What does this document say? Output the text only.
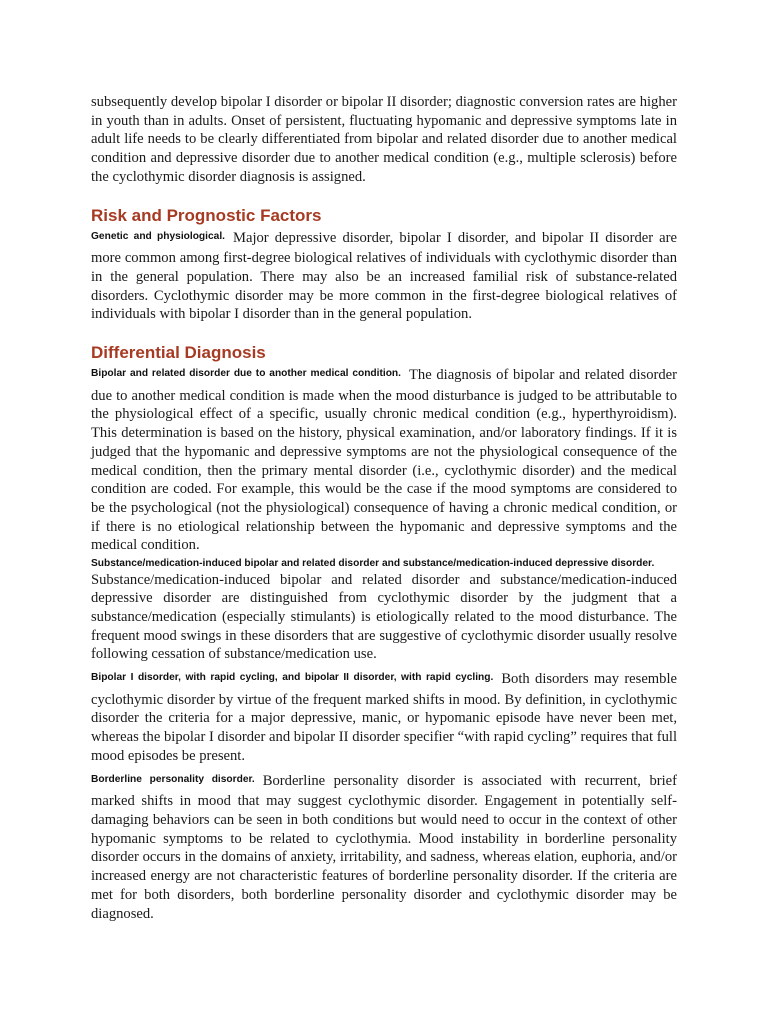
subsequently develop bipolar I disorder or bipolar II disorder; diagnostic conversion rates are higher in youth than in adults. Onset of persistent, fluctuating hypomanic and depressive symptoms late in adult life needs to be clearly differentiated from bipolar and related disorder due to another medical condition and depressive disorder due to another medical condition (e.g., multiple sclerosis) before the cyclothymic disorder diagnosis is assigned.

Risk and Prognostic Factors

$^{Genetic and physiological.}$ Major depressive disorder, bipolar I disorder, and bipolar II disorder are more common among first-degree biological relatives of individuals with cyclothymic disorder than in the general population. There may also be an increased familial risk of substance-related disorders. Cyclothymic disorder may be more common in the first-degree biological relatives of individuals with bipolar I disorder than in the general population.

Differential Diagnosis

$^{Bipolar and related disorder due to another medical condition.}$ The diagnosis of bipolar and related disorder due to another medical condition is made when the mood disturbance is judged to be attributable to the physiological effect of a specific, usually chronic medical condition (e.g., hyperthyroidism). This determination is based on the history, physical examination, and/or laboratory findings. If it is judged that the hypomanic and depressive symptoms are not the physiological consequence of the medical condition, then the primary mental disorder (i.e., cyclothymic disorder) and the medical condition are coded. For example, this would be the case if the mood symptoms are considered to be the psychological (not the physiological) consequence of having a chronic medical condition, or if there is no etiological relationship between the hypomanic and depressive symptoms and the medical condition.

Substance/medication-induced bipolar and related disorder and substance/medication-induced depressive disorder.
Substance/medication-induced bipolar and related disorder and substance/medication-induced depressive disorder are distinguished from cyclothymic disorder by the judgment that a substance/medication (especially stimulants) is etiologically related to the mood disturbance. The frequent mood swings in these disorders that are suggestive of cyclothymic disorder usually resolve following cessation of substance/medication use.

$^{Bipolar I disorder, with rapid cycling, and bipolar II disorder, with rapid cycling.}$ Both disorders may resemble cyclothymic disorder by virtue of the frequent marked shifts in mood. By definition, in cyclothymic disorder the criteria for a major depressive, manic, or hypomanic episode have never been met, whereas the bipolar I disorder and bipolar II disorder specifier “with rapid cycling” requires that full mood episodes be present.

$^{Borderline personality disorder.}$ Borderline personality disorder is associated with recurrent, brief marked shifts in mood that may suggest cyclothymic disorder. Engagement in potentially self-damaging behaviors can be seen in both conditions but would need to occur in the context of other hypomanic symptoms to be related to cyclothymia. Mood instability in borderline personality disorder occurs in the domains of anxiety, irritability, and sadness, whereas elation, euphoria, and/or increased energy are not characteristic features of borderline personality disorder. If the criteria are met for both disorders, both borderline personality disorder and cyclothymic disorder may be diagnosed.
